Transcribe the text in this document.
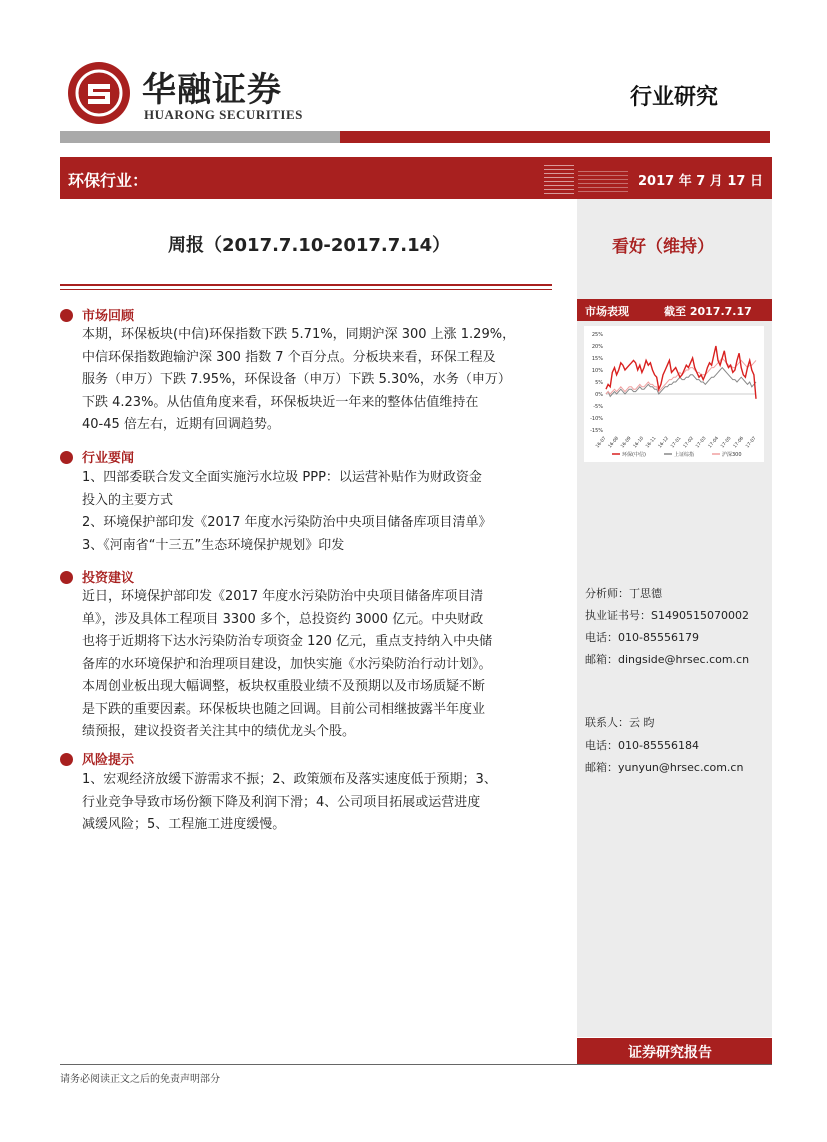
华融证券
HUARONG SECURITIES
行业研究
环保行业：	2017 年 7 月 17 日
看好（维持）
市场表现	截至 2017.7.17
25%
20%
15%
10%
5%
0%
-5%
-10%
-15%
16-07 16-08 16-09 16-10 16-11 16-12 17-01 17-02 17-03 17-04 17-05 17-06 17-07
环保(中信)	上证综指	沪深300
分析师：丁思德
执业证书号：S1490515070002
电话：010-85556179
邮箱：dingside@hrsec.com.cn
联系人：云 昀
电话：010-85556184
邮箱：yunyun@hrsec.com.cn
证券研究报告
周报（2017.7.10-2017.7.14）
市场回顾
本期，环保板块(中信)环保指数下跌 5.71%，同期沪深 300 上涨 1.29%，
中信环保指数跑输沪深 300 指数 7 个百分点。分板块来看，环保工程及
服务（申万）下跌 7.95%，环保设备（申万）下跌 5.30%，水务（申万）
下跌 4.23%。从估值角度来看，环保板块近一年来的整体估值维持在
40-45 倍左右，近期有回调趋势。
行业要闻
1、四部委联合发文全面实施污水垃圾 PPP：以运营补贴作为财政资金
投入的主要方式
2、环境保护部印发《2017 年度水污染防治中央项目储备库项目清单》
3、《河南省“十三五”生态环境保护规划》印发
投资建议
近日，环境保护部印发《2017 年度水污染防治中央项目储备库项目清
单》，涉及具体工程项目 3300 多个，总投资约 3000 亿元。中央财政
也将于近期将下达水污染防治专项资金 120 亿元，重点支持纳入中央储
备库的水环境保护和治理项目建设，加快实施《水污染防治行动计划》。
本周创业板出现大幅调整，板块权重股业绩不及预期以及市场质疑不断
是下跌的重要因素。环保板块也随之回调。目前公司相继披露半年度业
绩预报，建议投资者关注其中的绩优龙头个股。
风险提示
1、宏观经济放缓下游需求不振；2、政策颁布及落实速度低于预期；3、
行业竞争导致市场份额下降及利润下滑；4、公司项目拓展或运营进度
减缓风险；5、工程施工进度缓慢。
请务必阅读正文之后的免责声明部分
